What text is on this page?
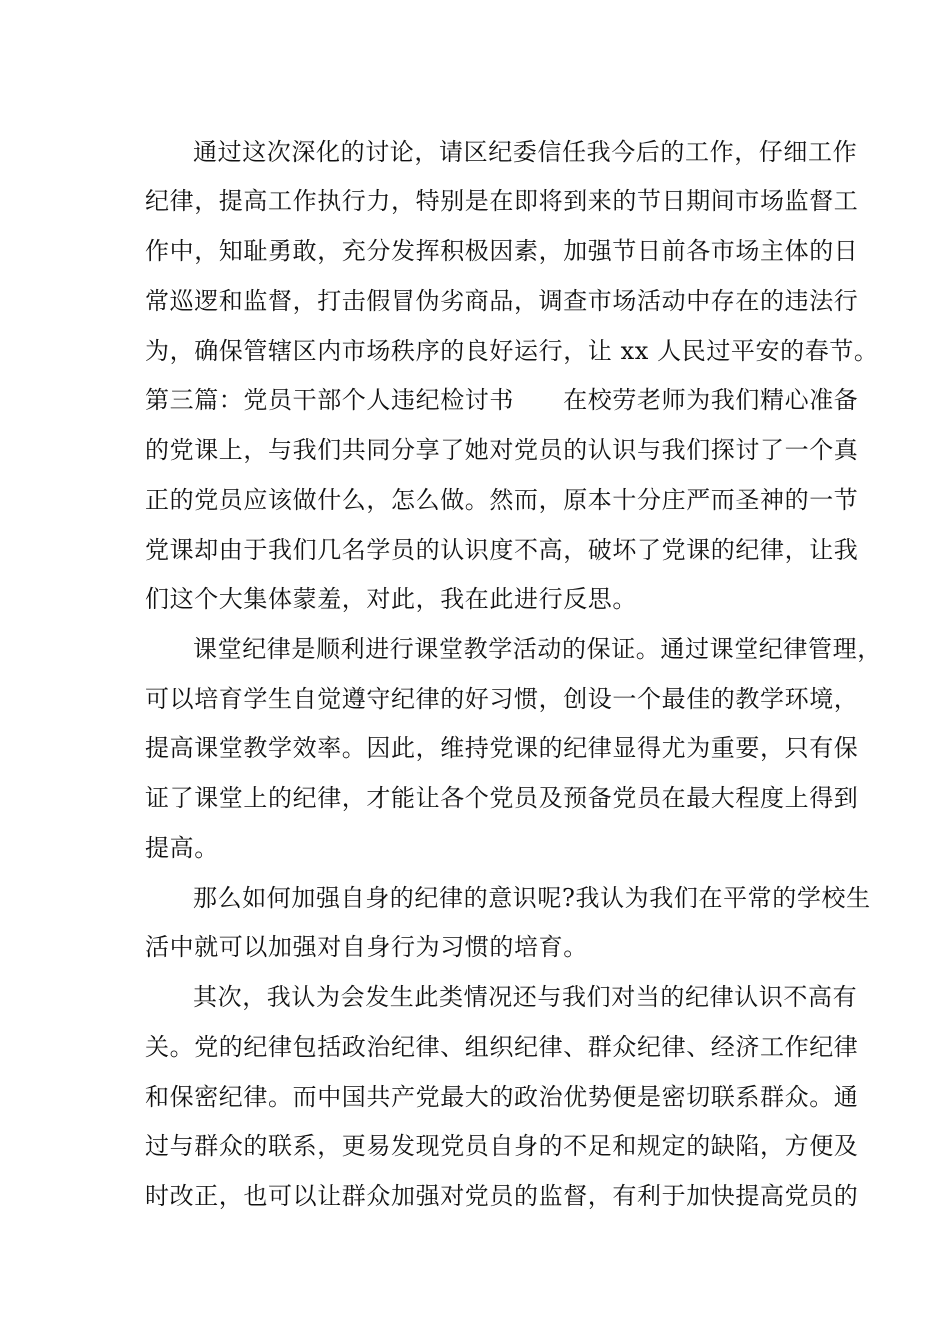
通过这次深化的讨论，请区纪委信任我今后的工作，仔细工作
纪律，提高工作执行力，特别是在即将到来的节日期间市场监督工
作中，知耻勇敢，充分发挥积极因素，加强节日前各市场主体的日
常巡逻和监督，打击假冒伪劣商品，调查市场活动中存在的违法行
为，确保管辖区内市场秩序的良好运行，让 xx 人民过平安的春节。
第三篇：党员干部个人违纪检讨书　　在校劳老师为我们精心准备
的党课上，与我们共同分享了她对党员的认识与我们探讨了一个真
正的党员应该做什么，怎么做。然而，原本十分庄严而圣神的一节
党课却由于我们几名学员的认识度不高，破坏了党课的纪律，让我
们这个大集体蒙羞，对此，我在此进行反思。
课堂纪律是顺利进行课堂教学活动的保证。通过课堂纪律管理，
可以培育学生自觉遵守纪律的好习惯，创设一个最佳的教学环境，
提高课堂教学效率。因此，维持党课的纪律显得尤为重要，只有保
证了课堂上的纪律，才能让各个党员及预备党员在最大程度上得到
提高。
那么如何加强自身的纪律的意识呢?我认为我们在平常的学校生
活中就可以加强对自身行为习惯的培育。
其次，我认为会发生此类情况还与我们对当的纪律认识不高有
关。党的纪律包括政治纪律、组织纪律、群众纪律、经济工作纪律
和保密纪律。而中国共产党最大的政治优势便是密切联系群众。通
过与群众的联系，更易发现党员自身的不足和规定的缺陷，方便及
时改正，也可以让群众加强对党员的监督，有利于加快提高党员的
